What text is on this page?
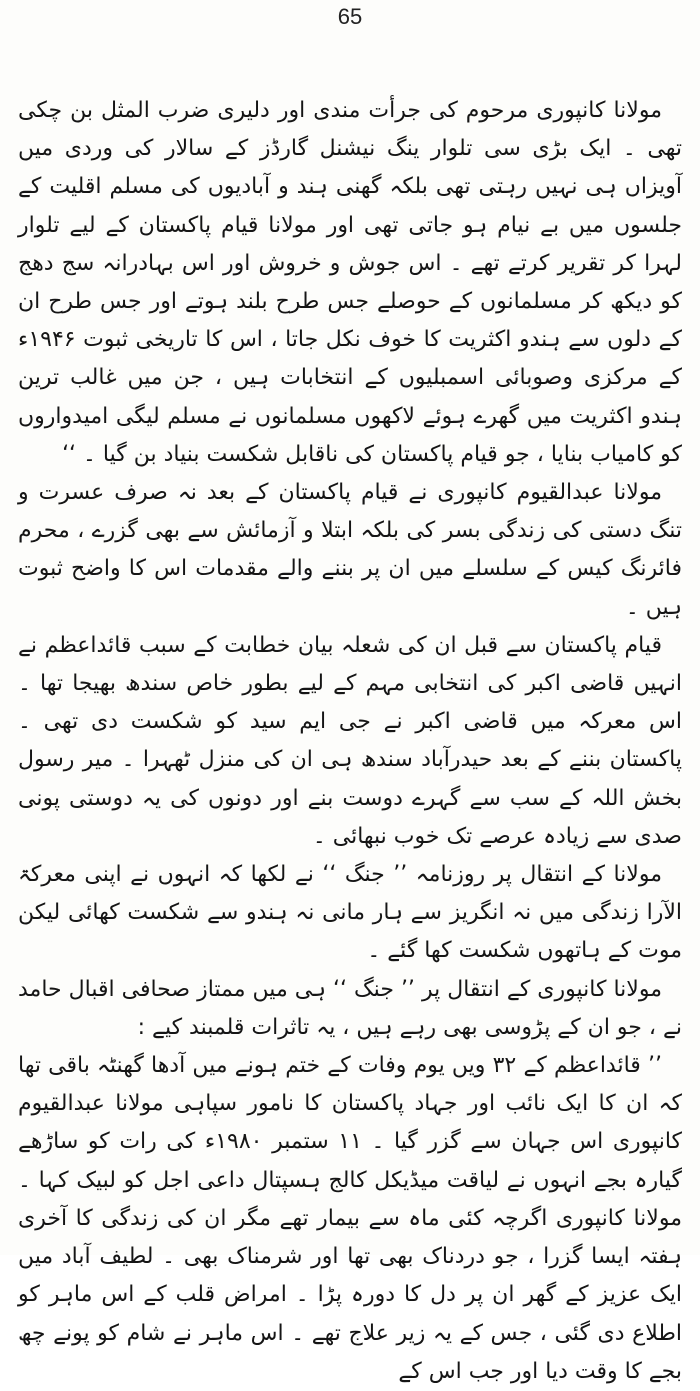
65

مولانا کانپوری مرحوم کی جرأت مندی اور دلیری ضرب المثل بن چکی تھی ۔ ایک بڑی سی تلوار ینگ نیشنل گارڈز کے سالار کی وردی میں آویزاں ہی نہیں رہتی تھی بلکہ گھنی ہند و آبادیوں کی مسلم اقلیت کے جلسوں میں بے نیام ہو جاتی تھی اور مولانا قیام پاکستان کے لیے تلوار لہرا کر تقریر کرتے تھے ۔ اس جوش و خروش اور اس بہادرانہ سج دھج کو دیکھ کر مسلمانوں کے حوصلے جس طرح بلند ہوتے اور جس طرح ان کے دلوں سے ہندو اکثریت کا خوف نکل جاتا ، اس کا تاریخی ثبوت ۱۹۴۶ء کے مرکزی وصوبائی اسمبلیوں کے انتخابات ہیں ، جن میں غالب ترین ہندو اکثریت میں گھرے ہوئے لاکھوں مسلمانوں نے مسلم لیگی امیدواروں کو کامیاب بنایا ، جو قیام پاکستان کی ناقابل شکست بنیاد بن گیا ۔ ‘‘

مولانا عبدالقیوم کانپوری نے قیام پاکستان کے بعد نہ صرف عسرت و تنگ دستی کی زندگی بسر کی بلکہ ابتلا و آزمائش سے بھی گزرے ، محرم فائرنگ کیس کے سلسلے میں ان پر بننے والے مقدمات اس کا واضح ثبوت ہیں ۔

قیام پاکستان سے قبل ان کی شعلہ بیان خطابت کے سبب قائداعظم نے انہیں قاضی اکبر کی انتخابی مہم کے لیے بطور خاص سندھ بھیجا تھا ۔ اس معرکہ میں قاضی اکبر نے جی ایم سید کو شکست دی تھی ۔ پاکستان بننے کے بعد حیدرآباد سندھ ہی ان کی منزل ٹھہرا ۔ میر رسول بخش اللہ کے سب سے گہرے دوست بنے اور دونوں کی یہ دوستی پونی صدی سے زیادہ عرصے تک خوب نبھائی ۔

مولانا کے انتقال پر روزنامہ ’’ جنگ ‘‘ نے لکھا کہ انہوں نے اپنی معرکۃ الآرا زندگی میں نہ انگریز سے ہار مانی نہ ہندو سے شکست کھائی لیکن موت کے ہاتھوں شکست کھا گئے ۔

مولانا کانپوری کے انتقال پر ’’ جنگ ‘‘ ہی میں ممتاز صحافی اقبال حامد نے ، جو ان کے پڑوسی بھی رہے ہیں ، یہ تاثرات قلمبند کیے :

’’ قائداعظم کے ۳۲ ویں یوم وفات کے ختم ہونے میں آدھا گھنٹہ باقی تھا کہ ان کا ایک نائب اور جہاد پاکستان کا نامور سپاہی مولانا عبدالقیوم کانپوری اس جہان سے گزر گیا ۔ ۱۱ ستمبر ۱۹۸۰ء کی رات کو ساڑھے گیارہ بجے انہوں نے لیاقت میڈیکل کالج ہسپتال داعی اجل کو لبیک کہا ۔ مولانا کانپوری اگرچہ کئی ماہ سے بیمار تھے مگر ان کی زندگی کا آخری ہفتہ ایسا گزرا ، جو دردناک بھی تھا اور شرمناک بھی ۔ لطیف آباد میں ایک عزیز کے گھر ان پر دل کا دورہ پڑا ۔ امراض قلب کے اس ماہر کو اطلاع دی گئی ، جس کے یہ زیر علاج تھے ۔ اس ماہر نے شام کو پونے چھ بجے کا وقت دیا اور جب اس کے
